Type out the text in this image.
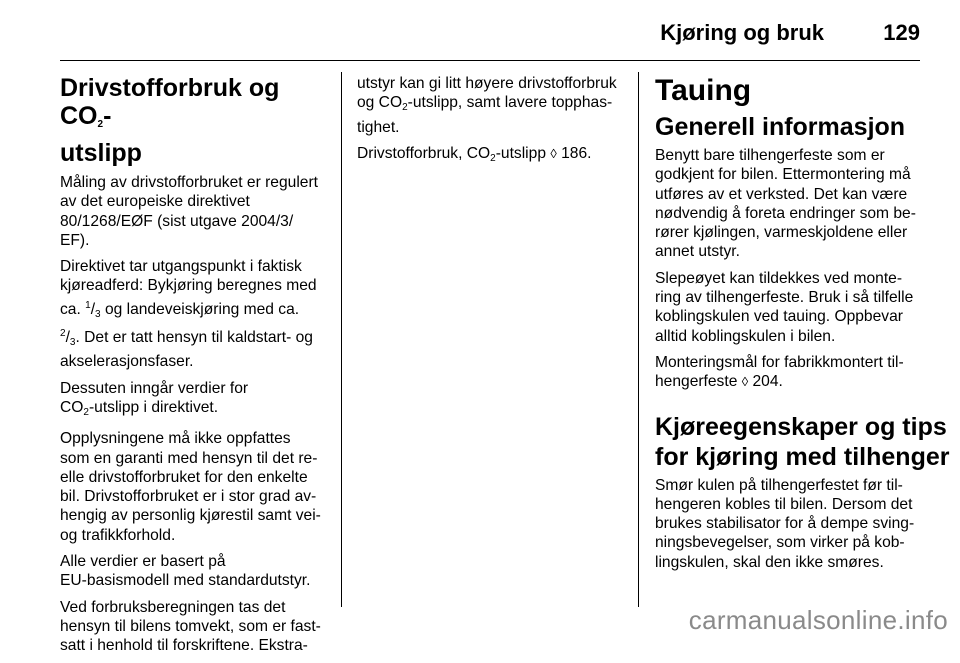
Kjøring og bruk	129
Drivstofforbruk og $CO_2-$
utslipp

Måling av drivstofforbruket er regulert
av det europeiske direktivet
80/1268/EØF (sist utgave 2004/3/
EF).

Direktivet tar utgangspunkt i faktisk
kjøreadferd: Bykjøring beregnes med
ca. $^1/_3$ og landeveiskjøring med ca.
$^2/_3$. Det er tatt hensyn til kaldstart- og
akselerasjonsfaser.

Dessuten inngår verdier for
$CO_2$-utslipp i direktivet.

Opplysningene må ikke oppfattes
som en garanti med hensyn til det re-
elle drivstofforbruket for den enkelte
bil. Drivstofforbruket er i stor grad av-
hengig av personlig kjørestil samt vei-
og trafikkforhold.

Alle verdier er basert på
EU-basismodell med standardutstyr.

Ved forbruksberegningen tas det
hensyn til bilens tomvekt, som er fast-
satt i henhold til forskriftene. Ekstra-

utstyr kan gi litt høyere drivstofforbruk
og $CO_2$-utslipp, samt lavere topphas-
tighet.

Drivstofforbruk, $CO_2$-utslipp ◊ 186.

Tauing
Generell informasjon

Benytt bare tilhengerfeste som er
godkjent for bilen. Ettermontering må
utføres av et verksted. Det kan være
nødvendig å foreta endringer som be-
rører kjølingen, varmeskjoldene eller
annet utstyr.

Slepeøyet kan tildekkes ved monte-
ring av tilhengerfeste. Bruk i så tilfelle
koblingskulen ved tauing. Oppbevar
alltid koblingskulen i bilen.

Monteringsmål for fabrikkmontert til-
hengerfeste ◊ 204.

Kjøreegenskaper og tips
for kjøring med tilhenger

Smør kulen på tilhengerfestet før til-
hengeren kobles til bilen. Dersom det
brukes stabilisator for å dempe sving-
ningsbevegelser, som virker på kob-
lingskulen, skal den ikke smøres.

carmanualsonline.info
